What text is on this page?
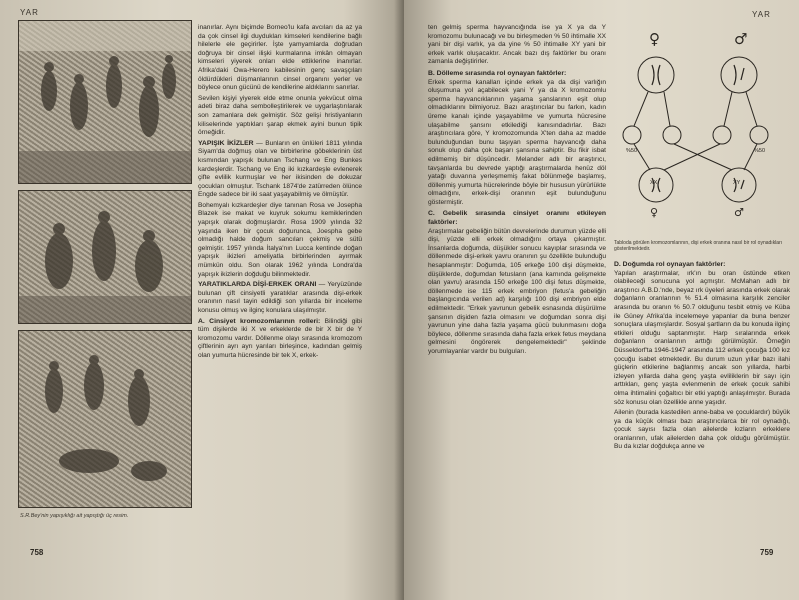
YAR
S.R.Bey'nin yapışıklığı ait yapıştığı üç resim.

inanırlar. Aynı biçimde Borneo'lu kafa avcıları da az ya da çok cinsel ilgi duydukları kimseleri kendilerine bağlı hilelerle ele geçirirler. İşte yamyamlarda doğrudan doğruya bir cinsel ilişki kurmalarına imkân olmayan kimseleri yiyerek onları elde ettiklerine inanırlar. Afrika'daki Owa-Herero kabilesinin genç savaşçıları öldürdükleri düşmanlarının cinsel organını yerler ve böylece onun gücünü de kendilerine aldıklarını sanırlar.

Sevilen kişiyi yiyerek elde etme onunla yekvücut olma adeti biraz daha sembolleştirilerek ve uygarlaştırılarak son zamanlara dek gelmiştir. Söz gelişi hristiyanların kiliselerinde yaptıkları şarap ekmek ayini bunun tipik örneğidir.

YAPIŞIK İKİZLER — Bunların en ünlüleri 1811 yılında Siyam'da doğmuş olan ve birbirlerine göbeklerinin üst kısmından yapışık bulunan Tschang ve Eng Bunkes kardeşlerdir. Tschang ve Eng iki kızkardeşle evlenerek çifte evlilik kurmuşlar ve her ikisinden de dokuzar çocukları olmuştur. Tschank 1874'de zatürreden ölünce Engde sadece bir iki saat yaşayabilmiş ve ölmüştür.

Bohemyalı kızkardeşler diye tanınan Rosa ve Josepha Blazek ise makat ve kuyruk sokumu kemiklerinden yapışık olarak doğmuşlardır. Rosa 1909 yılında 32 yaşında iken bir çocuk doğurunca, Joespha gebe olmadığı halde doğum sancıları çekmiş ve sütü gelmiştir. 1957 yılında İtalya'nın Lucca kentinde doğan yapışık ikizleri ameliyatla birbirlerinden ayırmak mümkün oldu. Son olarak 1962 yılında Londra'da yapışık ikizlerin doğduğu bilinmektedir.

YARATIKLARDA DİŞİ-ERKEK ORANI — Yeryüzünde bulunan çift cinsiyetli yaratıklar arasında dişi-erkek oranının nasıl tayin edildiği son yıllarda bir inceleme konusu olmuş ve ilginç konulara ulaşılmıştır.

A. Cinsiyet kromozomlarının rolleri: Bilindiği gibi tüm dişilerde iki X ve erkeklerde de bir X bir de Y kromozomu vardır. Döllenme olayı sırasında kromozom çiftlerinin ayrı ayrı yarıları birleşince, kadından gelmiş olan yumurta hücresinde bir tek X, erkek-

758
YAR

ten gelmiş sperma hayvancığında ise ya X ya da Y kromozomu bulunacağı ve bu birleşmeden % 50 ihtimalle XX yani bir dişi varlık, ya da yine % 50 ihtimalle XY yani bir erkek varlık oluşacaktır. Ancak bazı dış faktörler bu oranı zamanla değiştirirler.

B. Dölleme sırasında rol oynayan faktörler:

Erkek sperma kanalları içinde erkek ya da dişi varlığın oluşumuna yol açabilecek yani Y ya da X kromozomlu sperma hayvancıklarının yaşama şanslarının eşit olup olmadıklarını bilmiyoruz. Bazı araştırıcılar bu farkın, kadın üreme kanalı içinde yaşayabilme ve yumurta hücresine ulaşabilme şansını etkilediği kanısındadırlar. Bazı araştırıcılara göre, Y kromozomunda X'ten daha az madde bulunduğundan bunu taşıyan sperma hayvancığı daha sonuk olup daha çok başarı şansına sahiptir. Bu fikir isbat edilmemiş bir düşüncedir. Melander adlı bir araştırıcı, tavşanlarda bu devrede yaptığı araştırmalarda henüz döl yatağı duvarına yerleşmemiş fakat bölünmeğe başlamış, döllenmiş yumurta hücrelerinde böyle bir hususun yürürlükte olmadığını, erkek-dişi oranının eşit bulunduğunu göstermiştir.

C. Gebelik sırasında cinsiyet oranını etkileyen faktörler:

Araştırmalar gebeliğin bütün devrelerinde durumun yüzde elli dişi, yüzde elli erkek olmadığını ortaya çıkarmıştır. İnsanlarda doğumda, düşükler sonucu kayıplar sırasında ve döllenmede dişi-erkek yavru oranının şu özellikte bulunduğu hesaplanmıştır: Doğumda, 105 erkeğe 100 dişi düşmekte, düşüklerde, doğumdan fetusların (ana karnında gelişmekte olan yavru) arasında 150 erkeğe 100 dişi fetus düşmekte, döllenmede ise 115 erkek embriyon (fetus'a gebeliğin başlangıcında verilen ad) karşılığı 100 dişi embriyon elde edilmektedir. "Erkek yavrunun gebelik esnasında düşürülme şansının dişiden fazla olmasını ve doğumdan sonra dişi yavrunun yine daha fazla yaşama gücü bulunmasını doğa böylece, döllenme sırasında daha fazla erkek fetus meydana gelmesini öngörerek dengelemektedir" şeklinde yorumlayanlar vardır bu bulguları.

♀	♂
%50	%50
XX	XY
♀	♂
Tabloda görülen kromozomlarının, dişi erkek oranına nasıl bir rol oynadıkları gösterilmektedir.
D. Doğumda rol oynayan faktörler:

Yapılan araştırmalar, ırk'ın bu oran üstünde etken olabileceği sonucuna yol açmıştır. McMahan adlı bir araştırıcı A.B.D.'nde, beyaz ırk üyeleri arasında erkek olarak doğanların oranlarının % 51.4 olmasına karşılık zenciler arasında bu oranın % 50.7 olduğunu tesbit etmiş ve Küba ile Güney Afrika'da incelemeye yapanlar da buna benzer sonuçlara ulaşmışlardır. Sosyal şartların da bu konuda ilginç etkileri olduğu saptanmıştır. Harp sıralarında erkek doğanların oranlarının arttığı görülmüştür. Örneğin Düsseldorf'ta 1946-1947 arasında 112 erkek çocuğa 100 kız çocuğu isabet etmektedir. Bu durum uzun yıllar bazı ilahi güçlerin etkilerine bağlanmış ancak son yıllarda, harbi izleyen yıllarda daha genç yaşta evliliklerin bir sayı için arttıkları, genç yaşta evlenmenin de erkek çocuk sahibi olma ihtimalini çoğaltıcı bir etki yaptığı anlaşılmıştır. Burada söz konusu olan özellikle anne yaşıdır.

Ailenin (burada kastedilen anne-baba ve çocuklardır) büyük ya da küçük olması bazı araştırıcılarca bir rol oynadığı, çocuk sayısı fazla olan ailelerde kızların erkeklere oranlarının, ufak ailelerden daha çok olduğu görülmüştür. Bu da kızlar doğdukça anne ve

759
